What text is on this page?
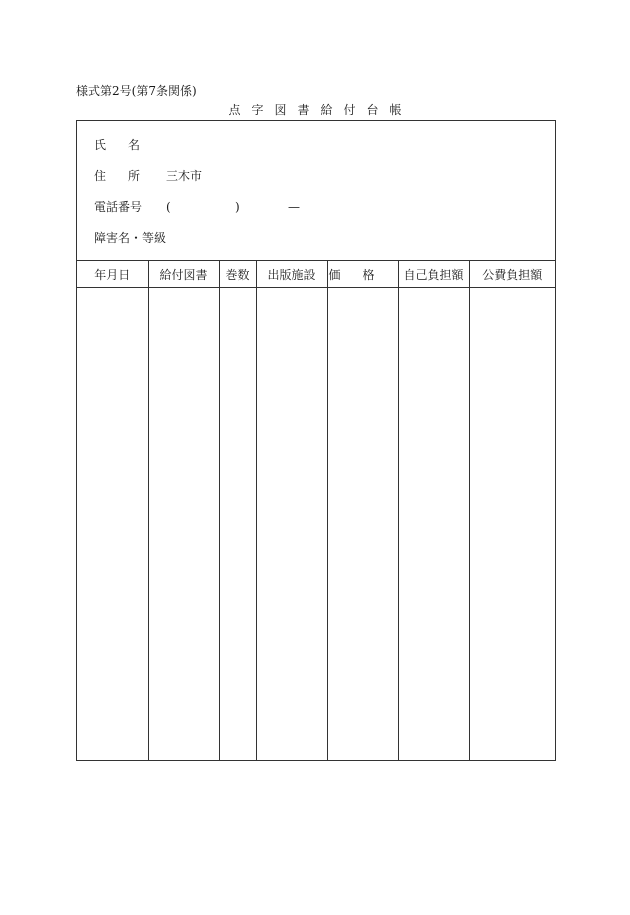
様式第2号(第7条関係)
点字図書給付台帳
氏名
住所 三木市
電話番号 (	)	—
障害名・等級
年月日	給付図書	巻数	出版施設	価格	自己負担額	公費負担額
